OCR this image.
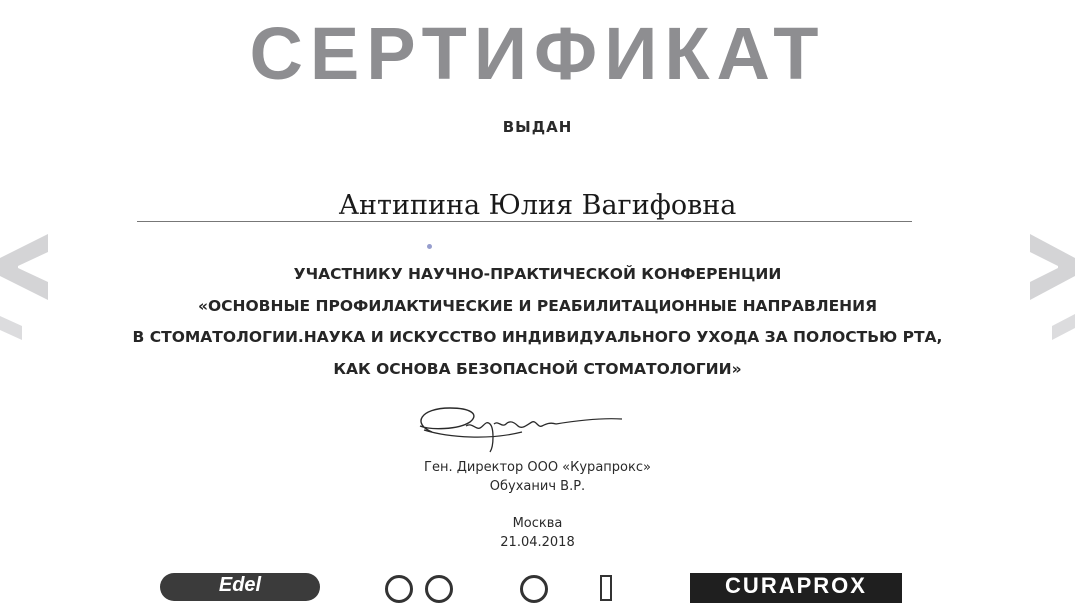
СЕРТИФИКАТ
ВЫДАН
Антипина Юлия Вагифовна
УЧАСТНИКУ НАУЧНО-ПРАКТИЧЕСКОЙ КОНФЕРЕНЦИИ
«ОСНОВНЫЕ ПРОФИЛАКТИЧЕСКИЕ И РЕАБИЛИТАЦИОННЫЕ НАПРАВЛЕНИЯ
В СТОМАТОЛОГИИ.НАУКА И ИСКУССТВО ИНДИВИДУАЛЬНОГО УХОДА ЗА ПОЛОСТЬЮ РТА,
КАК ОСНОВА БЕЗОПАСНОЙ СТОМАТОЛОГИИ»
Ген. Директор ООО «Курапрокс»
Обуханич В.Р.
Москва
21.04.2018
Edel	CURAPROX
